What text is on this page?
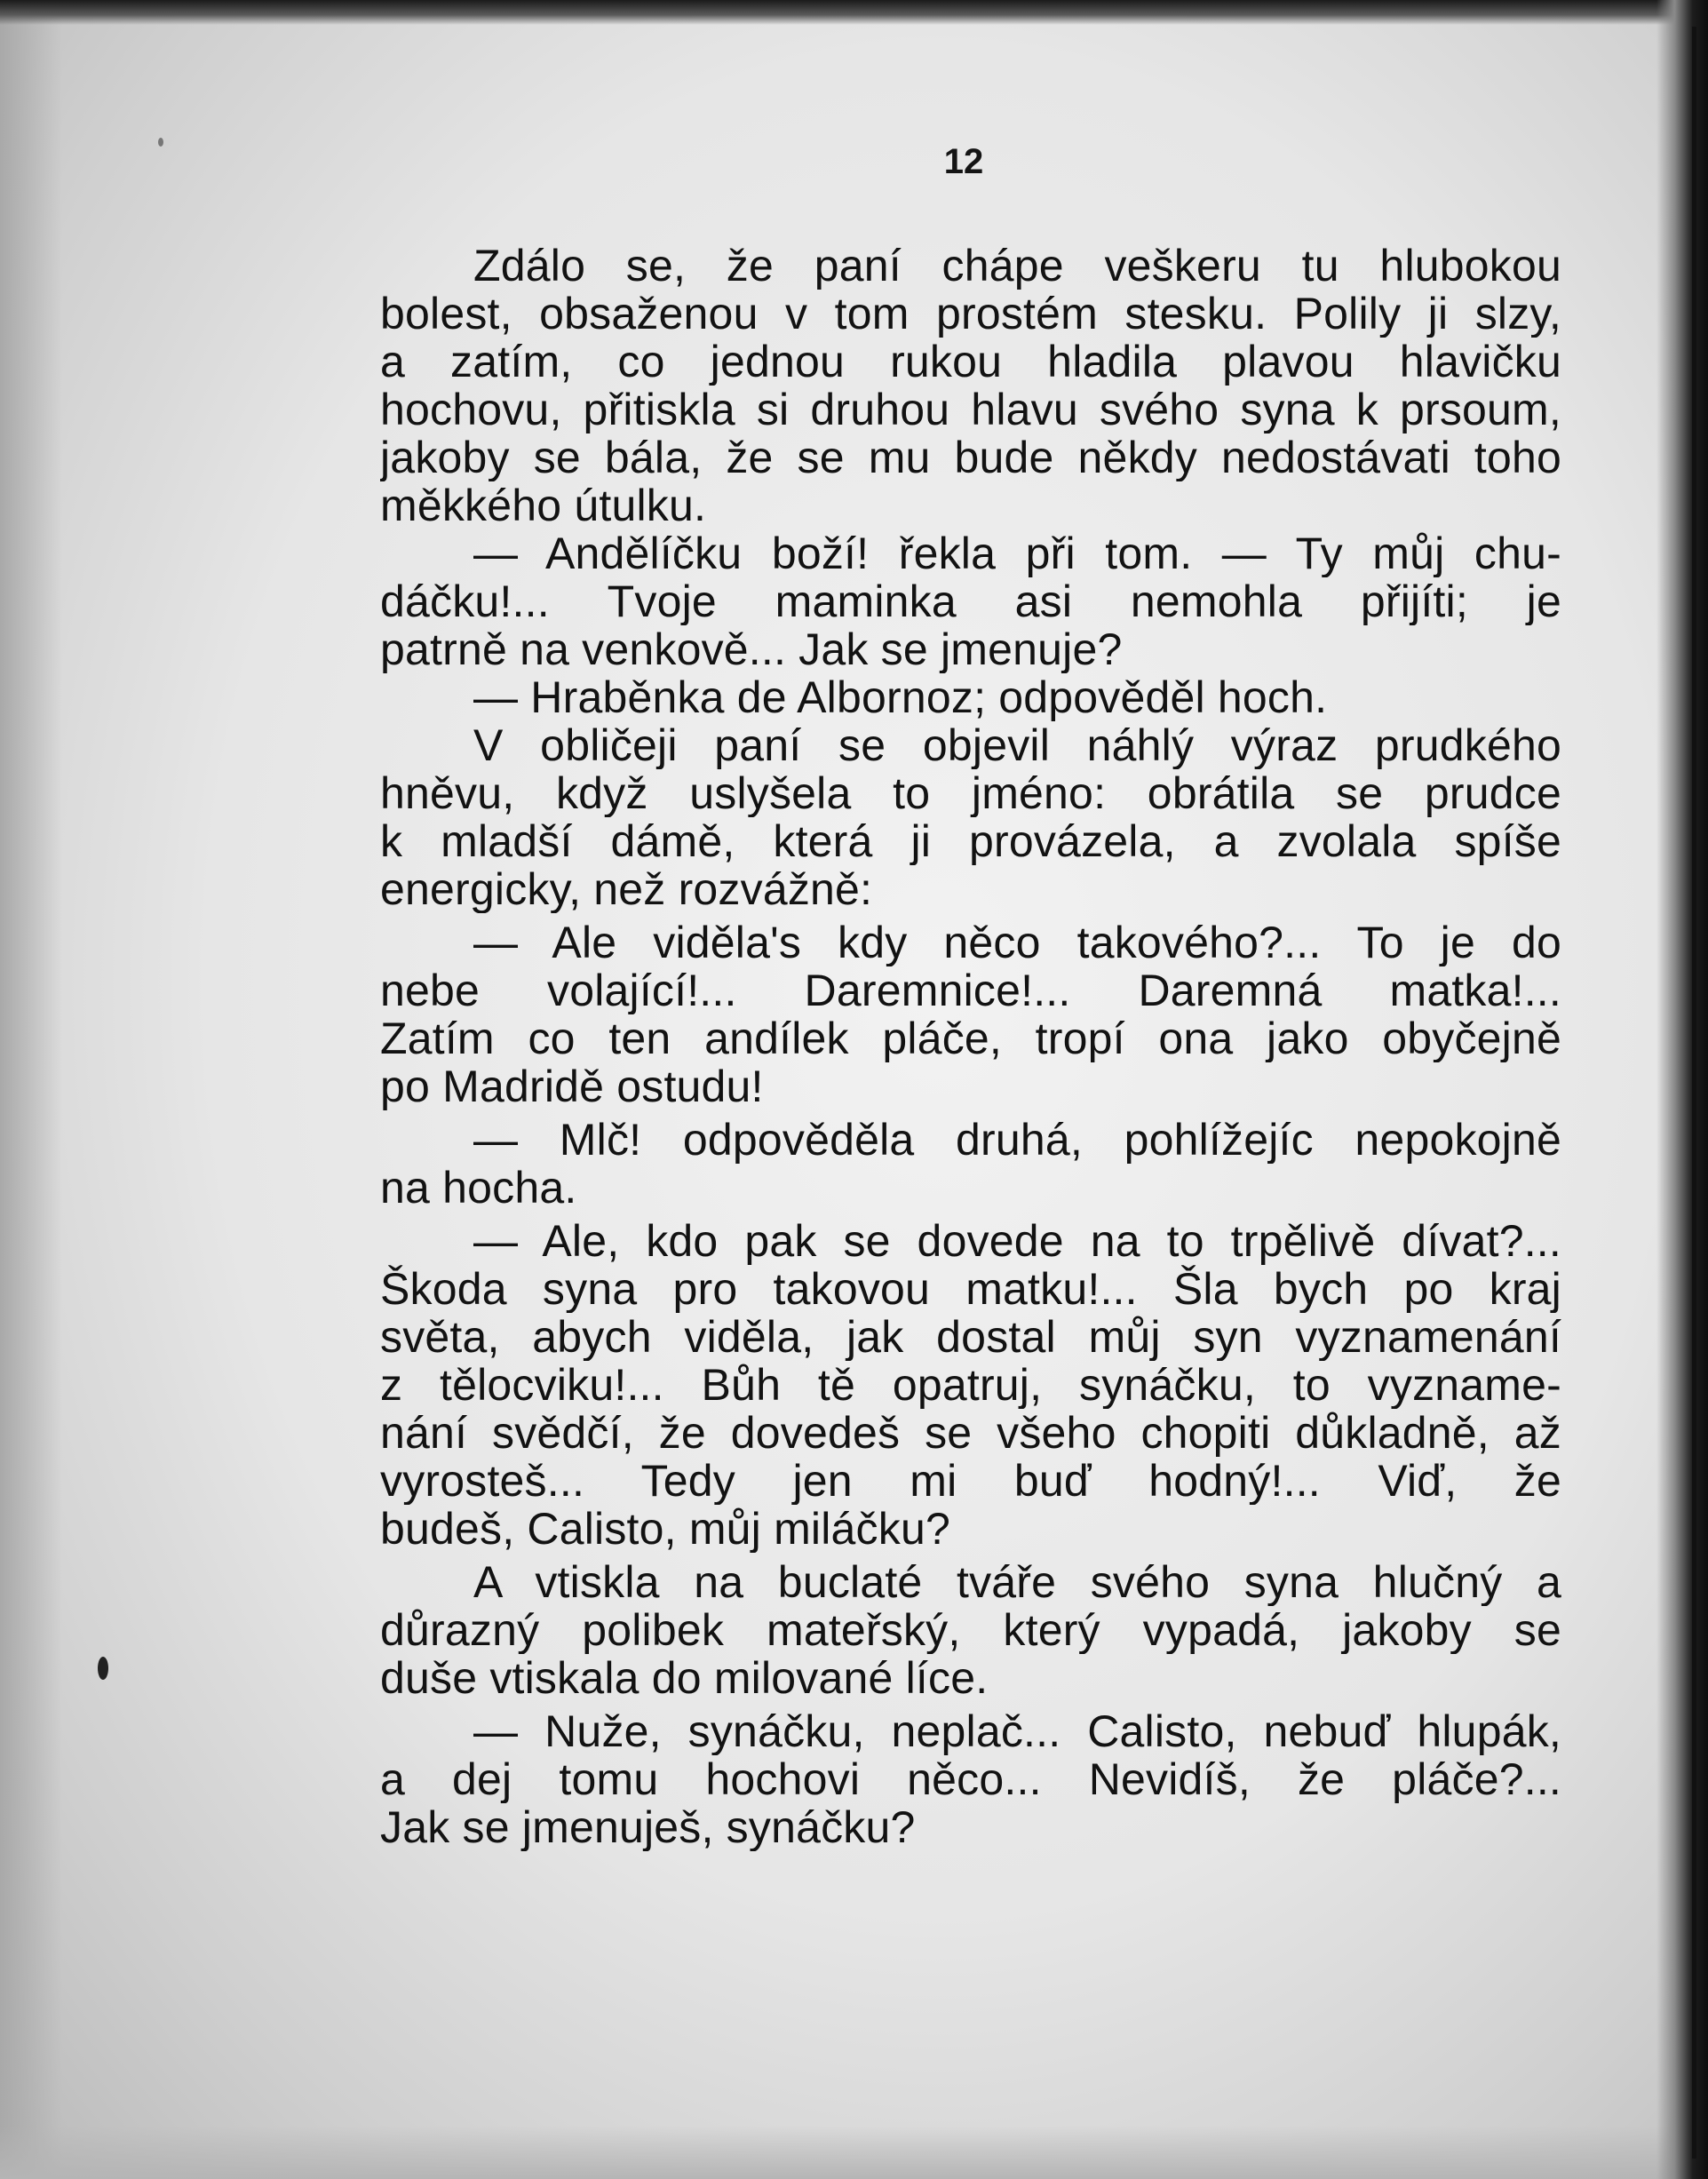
12
Zdálo se, že paní chápe veškeru tu hlubokou
bolest, obsaženou v tom prostém stesku. Polily ji slzy,
a zatím, co jednou rukou hladila plavou hlavičku
hochovu, přitiskla si druhou hlavu svého syna k prsoum,
jakoby se bála, že se mu bude někdy nedostávati toho
měkkého útulku.
— Andělíčku boží! řekla při tom. — Ty můj chu-
dáčku!... Tvoje maminka asi nemohla přijíti; je
patrně na venkově... Jak se jmenuje?
— Hraběnka de Albornoz; odpověděl hoch.
V obličeji paní se objevil náhlý výraz prudkého
hněvu, když uslyšela to jméno: obrátila se prudce
k mladší dámě, která ji provázela, a zvolala spíše
energicky, než rozvážně:
— Ale viděla's kdy něco takového?... To je do
nebe volající!... Daremnice!... Daremná matka!...
Zatím co ten andílek pláče, tropí ona jako obyčejně
po Madridě ostudu!
— Mlč! odpověděla druhá, pohlížejíc nepokojně
na hocha.
— Ale, kdo pak se dovede na to trpělivě dívat?...
Škoda syna pro takovou matku!... Šla bych po kraj
světa, abych viděla, jak dostal můj syn vyznamenání
z tělocviku!... Bůh tě opatruj, synáčku, to vyzname-
nání svědčí, že dovedeš se všeho chopiti důkladně, až
vyrosteš... Tedy jen mi buď hodný!... Viď, že
budeš, Calisto, můj miláčku?
A vtiskla na buclaté tváře svého syna hlučný a
důrazný polibek mateřský, který vypadá, jakoby se
duše vtiskala do milované líce.
— Nuže, synáčku, neplač... Calisto, nebuď hlupák,
a dej tomu hochovi něco... Nevidíš, že pláče?...
Jak se jmenuješ, synáčku?
